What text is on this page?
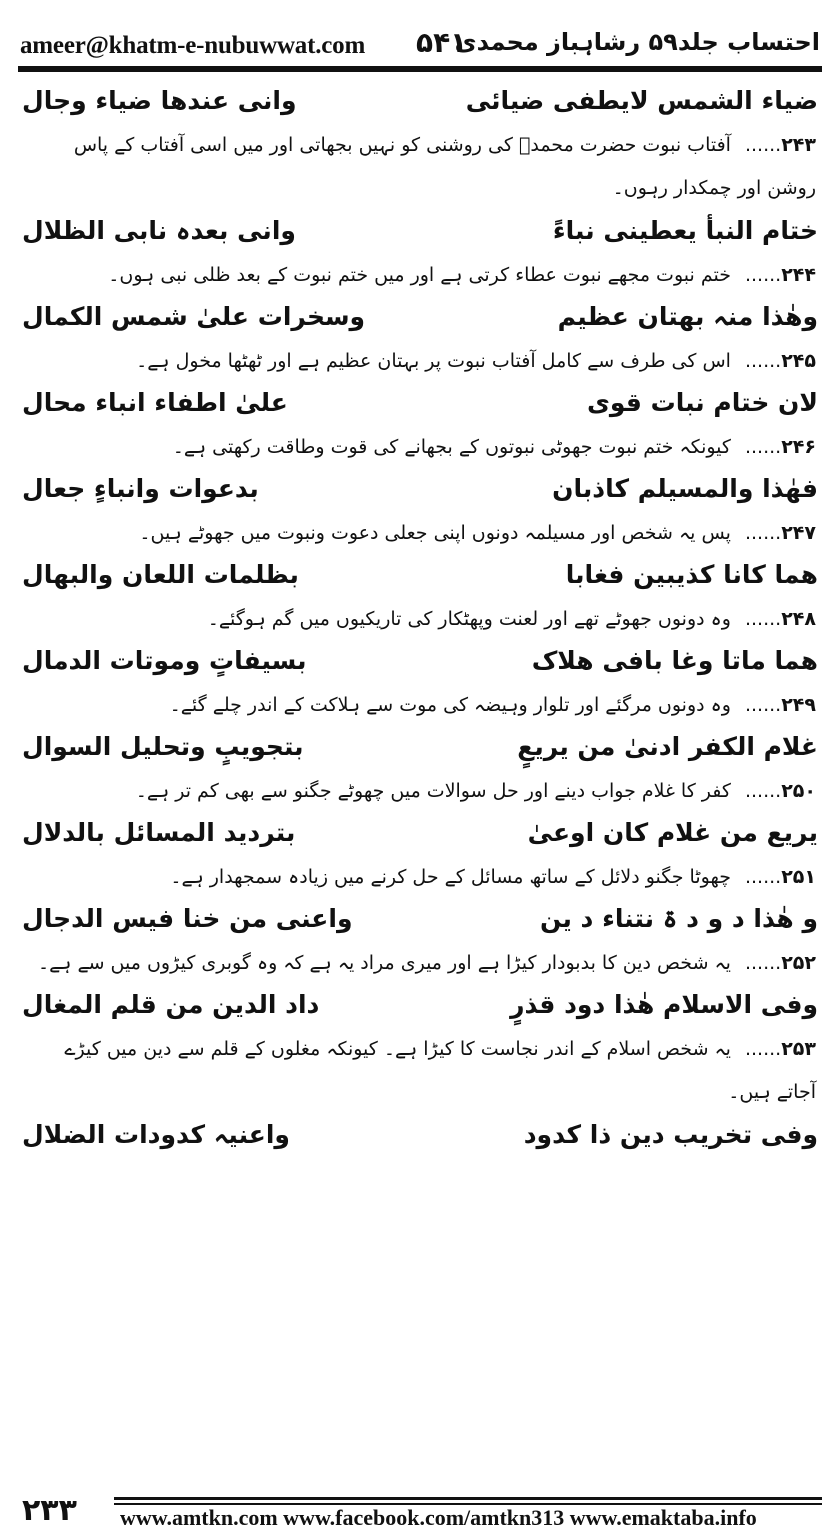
ameer@khatm-e-nubuwwat.com ۵۴۱
احتساب جلد۵۹ رشاہباز محمدی
ضیاء الشمس لایطفی ضیائی
وانی عندھا ضیاء وجال
۲۴۳......آفتاب نبوت حضرت محمدؐ کی روشنی کو نہیں بجھاتی اور میں اسی آفتاب کے پاس روشن اور چمکدار رہوں۔
ختام النبأ یعطینی نباءً
وانی بعدہ نابی الظلال
۲۴۴......ختم نبوت مجھے نبوت عطاء کرتی ہے اور میں ختم نبوت کے بعد ظلی نبی ہوں۔
وھٰذا منہ بھتان عظیم
وسخرات علیٰ شمس الکمال
۲۴۵......اس کی طرف سے کامل آفتاب نبوت پر بہتان عظیم ہے اور ٹھٹھا مخول ہے۔
لان ختام نبات قوی
علیٰ اطفاء انباء محال
۲۴۶......کیونکہ ختم نبوت جھوٹی نبوتوں کے بجھانے کی قوت وطاقت رکھتی ہے۔
فھٰذا والمسیلم کاذبان
بدعوات وانباءٍ جعال
۲۴۷......پس یہ شخص اور مسیلمہ دونوں اپنی جعلی دعوت ونبوت میں جھوٹے ہیں۔
ھما کانا کذیبین فغابا
بظلمات اللعان والبھال
۲۴۸......وہ دونوں جھوٹے تھے اور لعنت وپھٹکار کی تاریکیوں میں گم ہوگئے۔
ھما ماتا وغا بافی ھلاک
بسیفاتٍ وموتات الدمال
۲۴۹......وہ دونوں مرگئے اور تلوار وہیضہ کی موت سے ہلاکت کے اندر چلے گئے۔
غلام الکفر ادنیٰ من یریعٍ
بتجویبٍ وتحلیل السوال
۲۵۰......کفر کا غلام جواب دینے اور حل سوالات میں چھوٹے جگنو سے بھی کم تر ہے۔
یریع من غلام کان اوعیٰ
بتردید المسائل بالدلال
۲۵۱......چھوٹا جگنو دلائل کے ساتھ مسائل کے حل کرنے میں زیادہ سمجھدار ہے۔
و ھٰذا د و د ۃ نتناء د ین
واعنی من خنا فیس الدجال
۲۵۲......یہ شخص دین کا بدبودار کیڑا ہے اور میری مراد یہ ہے کہ وہ گوبری کیڑوں میں سے ہے۔
وفی الاسلام ھٰذا دود قذرٍ
داد الدین من قلم المغال
۲۵۳......یہ شخص اسلام کے اندر نجاست کا کیڑا ہے۔ کیونکہ مغلوں کے قلم سے دین میں کیڑے آجاتے ہیں۔
وفی تخریب دین ذا کدود
واعنیہ کدودات الضلال
۲۳۳ www.amtkn.com www.facebook.com/amtkn313 www.emaktaba.info
